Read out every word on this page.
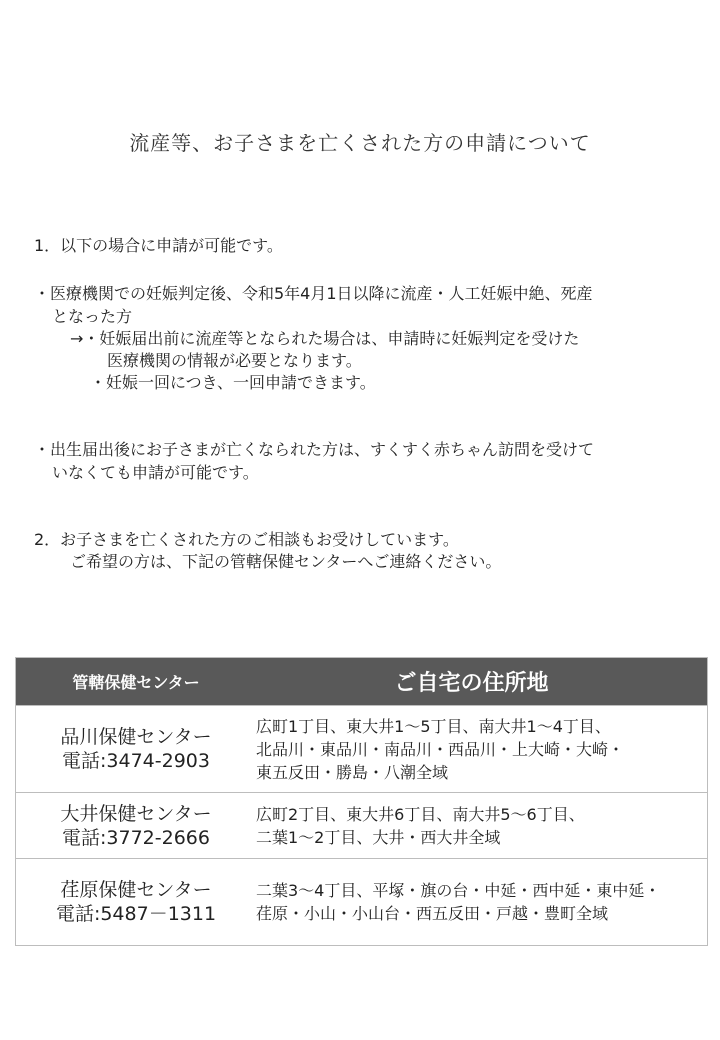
流産等、お子さまを亡くされた方の申請について
1．以下の場合に申請が可能です。
・医療機関での妊娠判定後、令和5年4月1日以降に流産・人工妊娠中絶、死産
となった方
→・妊娠届出前に流産等となられた場合は、申請時に妊娠判定を受けた
医療機関の情報が必要となります。
・妊娠一回につき、一回申請できます。
・出生届出後にお子さまが亡くなられた方は、すくすく赤ちゃん訪問を受けて
いなくても申請が可能です。
2．お子さまを亡くされた方のご相談もお受けしています。
ご希望の方は、下記の管轄保健センターへご連絡ください。
管轄保健センター	ご自宅の住所地
品川保健センター
電話:3474-2903
広町1丁目、東大井1～5丁目、南大井1～4丁目、
北品川・東品川・南品川・西品川・上大崎・大崎・
東五反田・勝島・八潮全域
大井保健センター
電話:3772-2666
広町2丁目、東大井6丁目、南大井5～6丁目、
二葉1～2丁目、大井・西大井全域
荏原保健センター
電話:5487－1311
二葉3～4丁目、平塚・旗の台・中延・西中延・東中延・
荏原・小山・小山台・西五反田・戸越・豊町全域
